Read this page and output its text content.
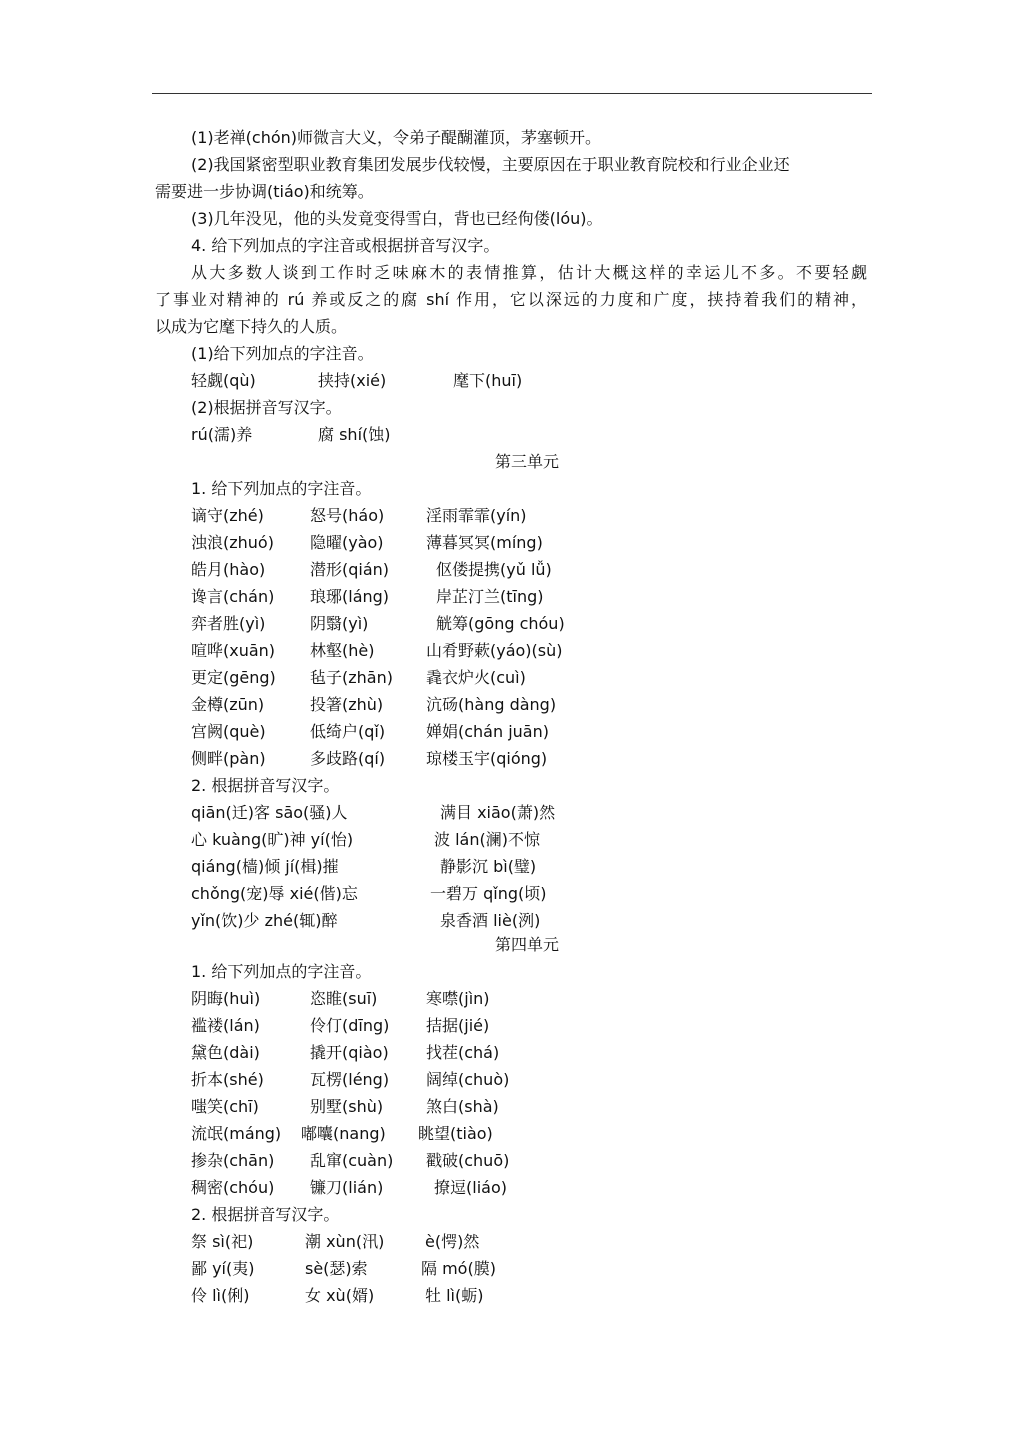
(1)老禅(chón)师微言大义，令弟子醍醐灌顶，茅塞顿开。
(2)我国紧密型职业教育集团发展步伐较慢，主要原因在于职业教育院校和行业企业还
需要进一步协调(tiáo)和统筹。
(3)几年没见，他的头发竟变得雪白，背也已经佝偻(lóu)。
4. 给下列加点的字注音或根据拼音写汉字。
从大多数人谈到工作时乏味麻木的表情推算，估计大概这样的幸运儿不多。不要轻觑
了事业对精神的 rú 养或反之的腐 shí 作用，它以深远的力度和广度，挟持着我们的精神，
以成为它麾下持久的人质。
(1)给下列加点的字注音。
轻觑(qù)	挟持(xié)	麾下(huī)
(2)根据拼音写汉字。
rú(濡)养	腐 shí(蚀)
第三单元
1. 给下列加点的字注音。
谪守(zhé)	怒号(háo)	淫雨霏霏(yín)
浊浪(zhuó) 隐曜(yào)	薄暮冥冥(míng)
皓月(hào)	潜形(qián)	伛偻提携(yǔ lǚ)
谗言(chán) 琅琊(láng)	岸芷汀兰(tīng)
弈者胜(yì)	阴翳(yì)	觥筹(gōng chóu)
喧哗(xuān) 林壑(hè)	山肴野蔌(yáo)(sù)
更定(gēng) 毡子(zhān) 毳衣炉火(cuì)
金樽(zūn)	投箸(zhù)	沆砀(hàng dàng)
宫阙(què)	低绮户(qǐ)	婵娟(chán juān)
侧畔(pàn)	多歧路(qí)	琼楼玉宇(qióng)
2. 根据拼音写汉字。
qiān(迁)客 sāo(骚)人	满目 xiāo(萧)然
心 kuàng(旷)神 yí(怡)	波 lán(澜)不惊
qiáng(樯)倾 jí(楫)摧	静影沉 bì(璧)
chǒng(宠)辱 xié(偕)忘	一碧万 qǐng(顷)
yǐn(饮)少 zhé(辄)醉	泉香酒 liè(洌)
第四单元
1. 给下列加点的字注音。
阴晦(huì)	恣睢(suī)	寒噤(jìn)
褴褛(lán)	伶仃(dīng) 拮据(jié)
黛色(dài)	撬开(qiào) 找茬(chá)
折本(shé)	瓦楞(léng) 阔绰(chuò)
嗤笑(chī)	别墅(shù)	煞白(shà)
流氓(máng) 嘟囔(nang) 眺望(tiào)
掺杂(chān) 乱窜(cuàn) 戳破(chuō)
稠密(chóu) 镰刀(lián)	撩逗(liáo)
2. 根据拼音写汉字。
祭 sì(祀)	潮 xùn(汛)	è(愕)然
鄙 yí(夷)	sè(瑟)索	隔 mó(膜)
伶 lì(俐)	女 xù(婿)	牡 lì(蛎)
